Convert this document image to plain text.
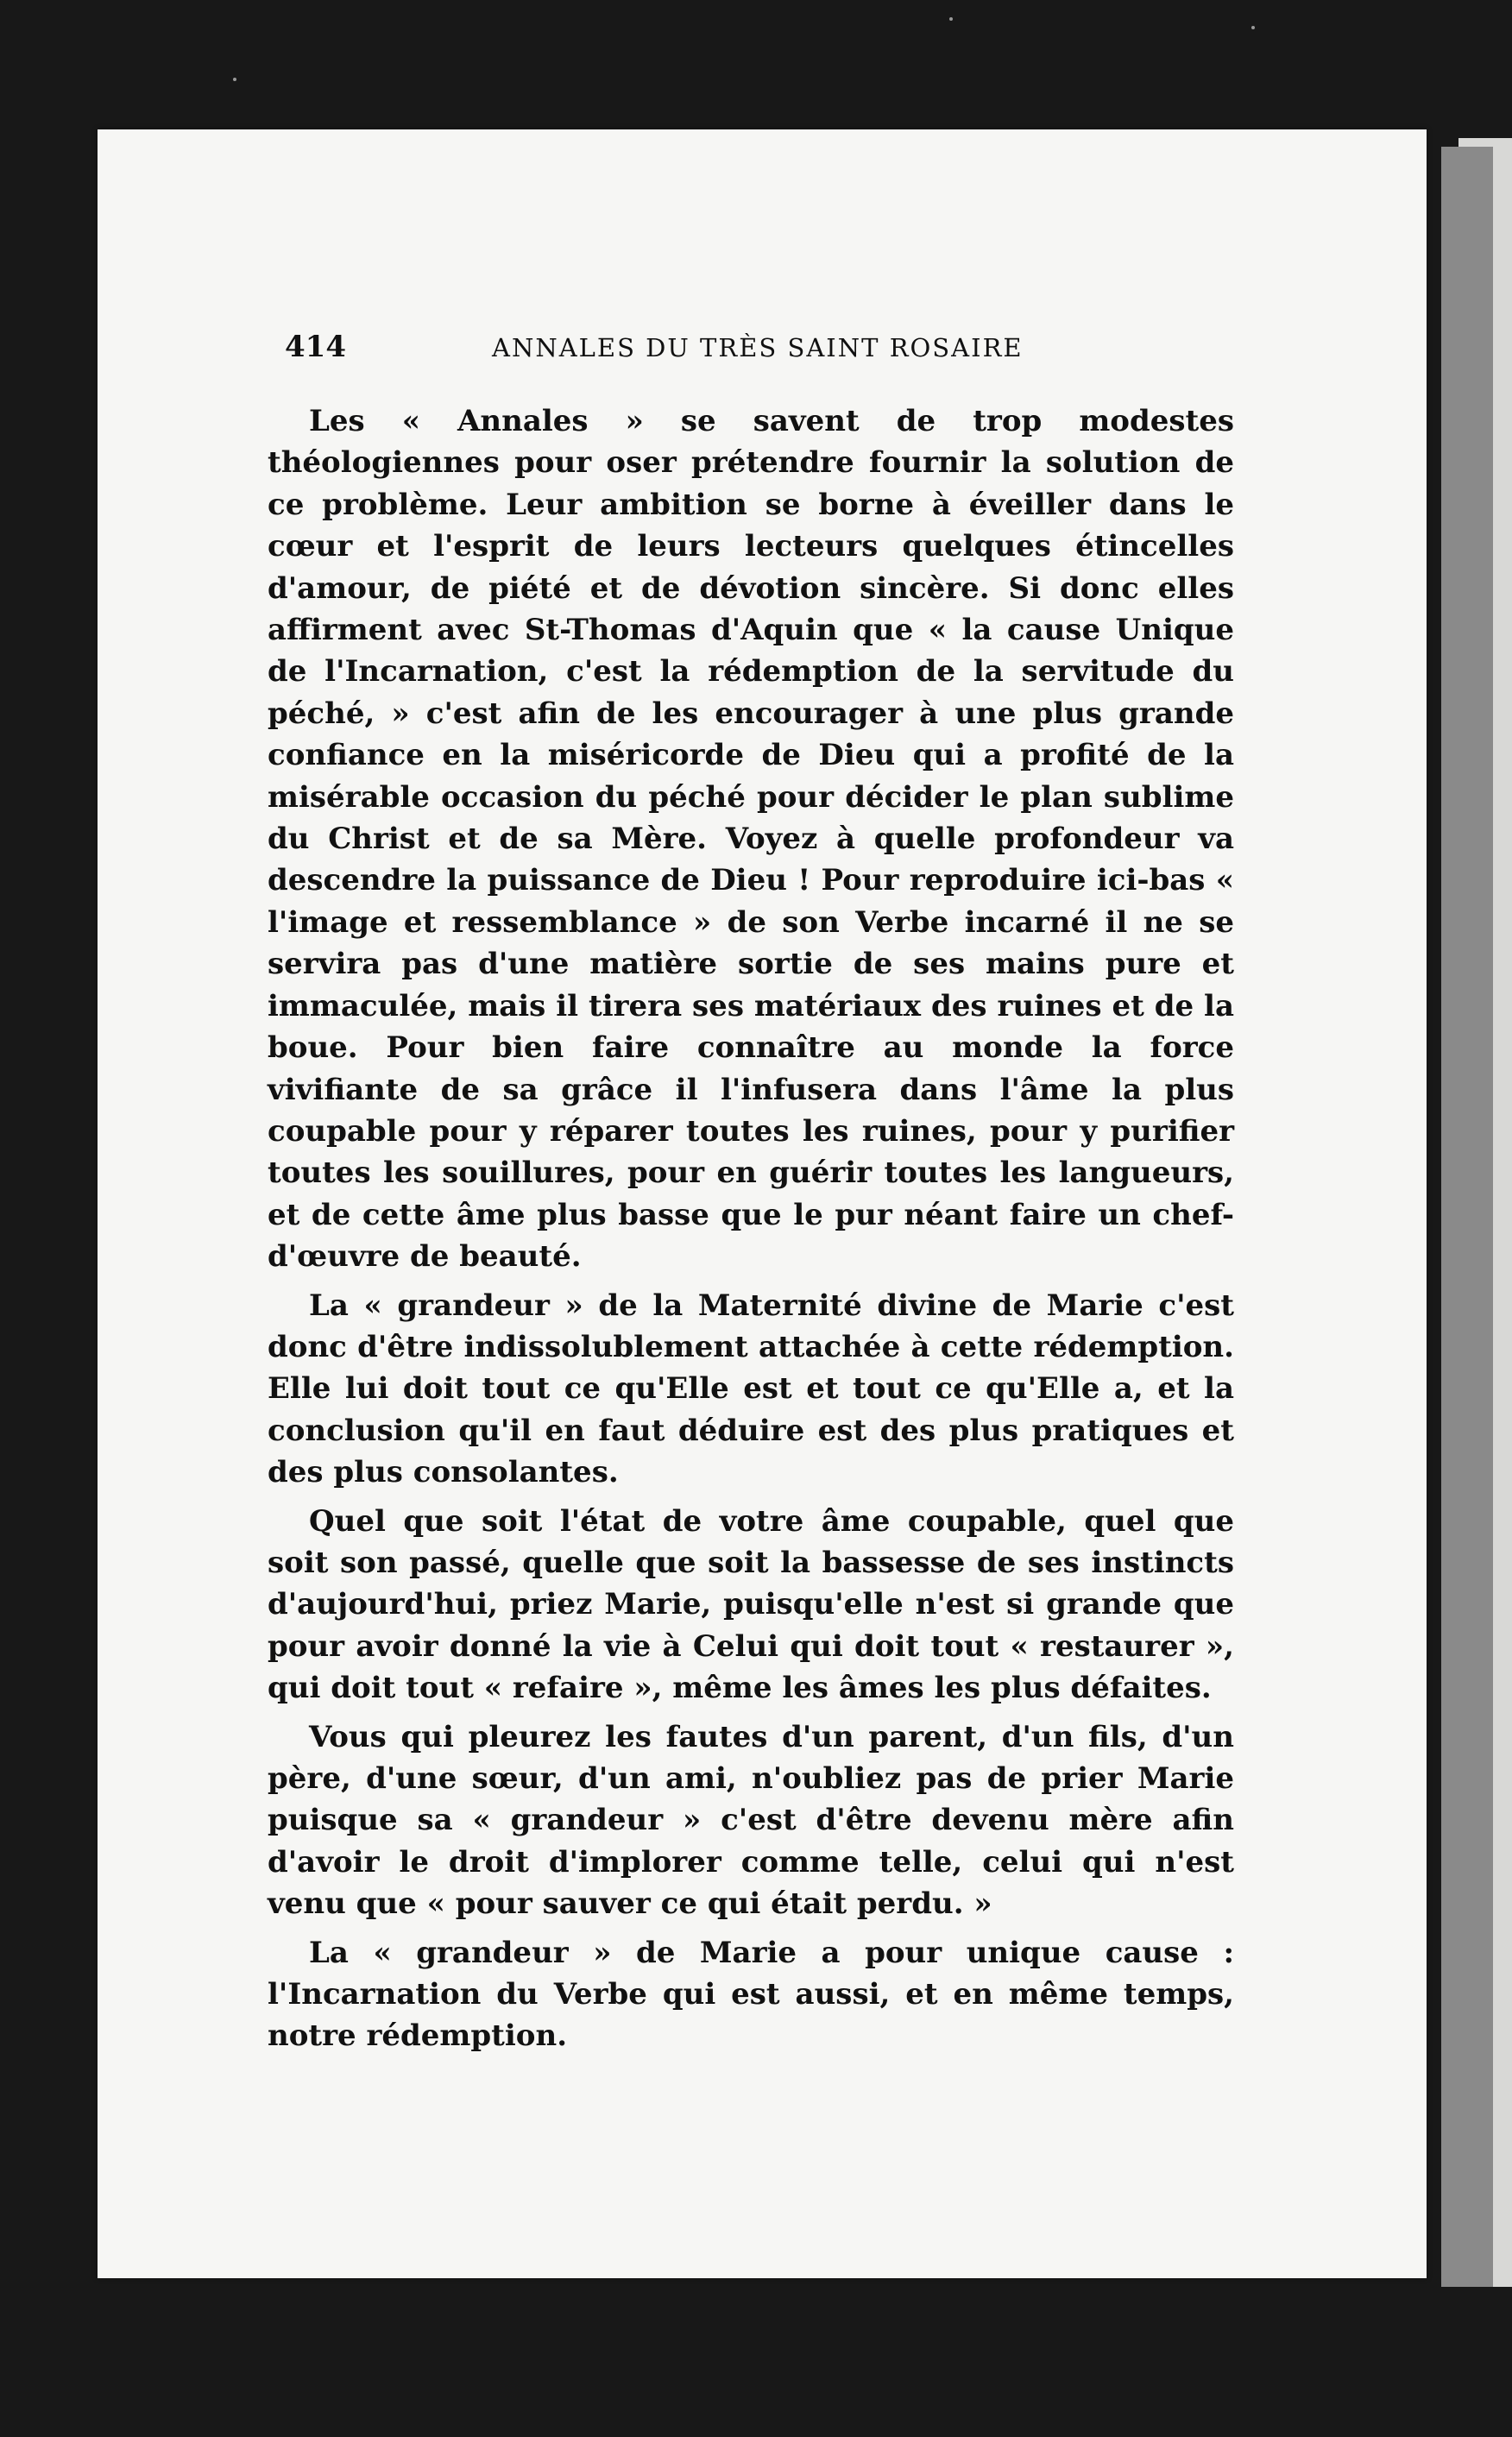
414	ANNALES DU TRÈS SAINT ROSAIRE

Les « Annales » se savent de trop modestes théologiennes pour oser prétendre fournir la solution de ce problème. Leur ambition se borne à éveiller dans le cœur et l'esprit de leurs lecteurs quelques étincelles d'amour, de piété et de dévotion sincère. Si donc elles affirment avec St-Thomas d'Aquin que « la cause Unique de l'Incarnation, c'est la rédemption de la servitude du péché, » c'est afin de les encourager à une plus grande confiance en la miséricorde de Dieu qui a profité de la misérable occasion du péché pour décider le plan sublime du Christ et de sa Mère. Voyez à quelle profondeur va descendre la puissance de Dieu ! Pour reproduire ici-bas « l'image et ressemblance » de son Verbe incarné il ne se servira pas d'une matière sortie de ses mains pure et immaculée, mais il tirera ses matériaux des ruines et de la boue. Pour bien faire connaître au monde la force vivifiante de sa grâce il l'infusera dans l'âme la plus coupable pour y réparer toutes les ruines, pour y purifier toutes les souillures, pour en guérir toutes les langueurs, et de cette âme plus basse que le pur néant faire un chef-d'œuvre de beauté.

La « grandeur » de la Maternité divine de Marie c'est donc d'être indissolublement attachée à cette rédemption. Elle lui doit tout ce qu'Elle est et tout ce qu'Elle a, et la conclusion qu'il en faut déduire est des plus pratiques et des plus consolantes.

Quel que soit l'état de votre âme coupable, quel que soit son passé, quelle que soit la bassesse de ses instincts d'aujourd'hui, priez Marie, puisqu'elle n'est si grande que pour avoir donné la vie à Celui qui doit tout « restaurer », qui doit tout « refaire », même les âmes les plus défaites.

Vous qui pleurez les fautes d'un parent, d'un fils, d'un père, d'une sœur, d'un ami, n'oubliez pas de prier Marie puisque sa « grandeur » c'est d'être devenu mère afin d'avoir le droit d'implorer comme telle, celui qui n'est venu que « pour sauver ce qui était perdu. »

La « grandeur » de Marie a pour unique cause : l'Incarnation du Verbe qui est aussi, et en même temps, notre rédemption.
